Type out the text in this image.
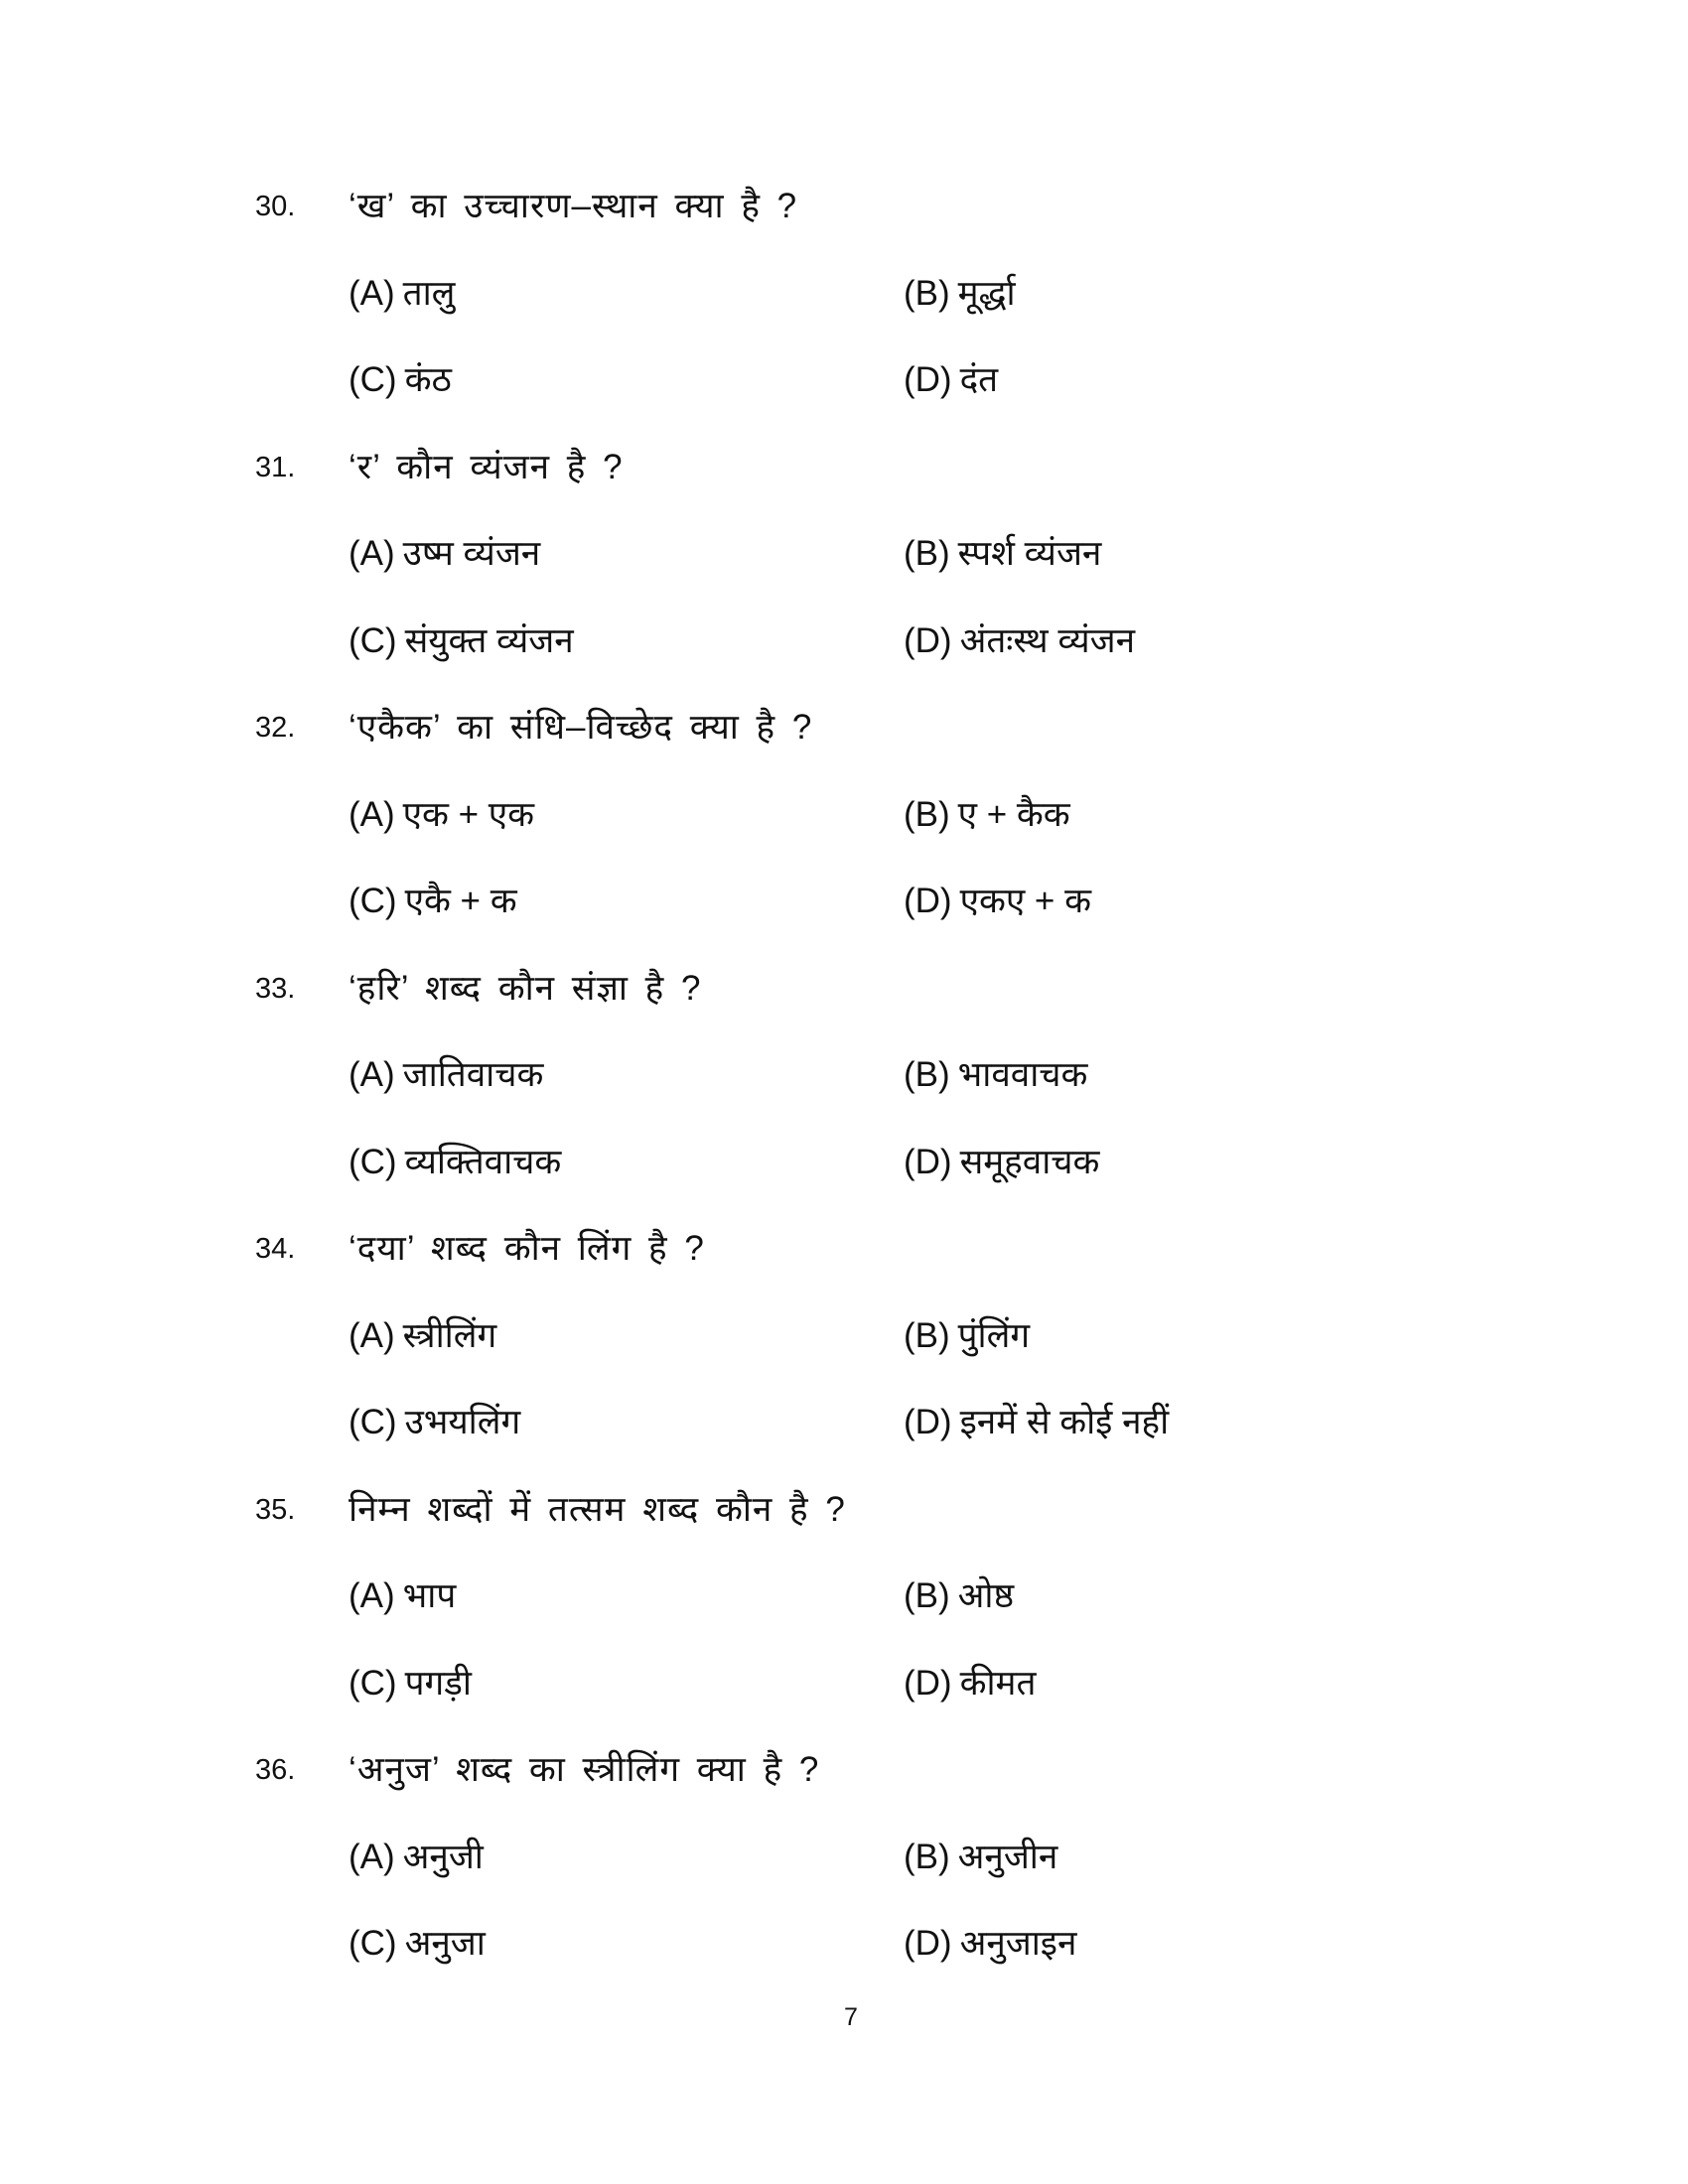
30. ‘ख’ का उच्चारण–स्थान क्या है ?
(A) तालु	(B) मूर्द्धा
(C) कंठ	(D) दंत
31. ‘र’ कौन व्यंजन है ?
(A) उष्म व्यंजन	(B) स्पर्श व्यंजन
(C) संयुक्त व्यंजन	(D) अंतःस्थ व्यंजन
32. ‘एकैक’ का संधि–विच्छेद क्या है ?
(A) एक + एक	(B) ए + कैक
(C) एकै + क	(D) एकए + क
33. ‘हरि’ शब्द कौन संज्ञा है ?
(A) जातिवाचक	(B) भाववाचक
(C) व्यक्तिवाचक	(D) समूहवाचक
34. ‘दया’ शब्द कौन लिंग है ?
(A) स्त्रीलिंग	(B) पुंलिंग
(C) उभयलिंग	(D) इनमें से कोई नहीं
35. निम्न शब्दों में तत्सम शब्द कौन है ?
(A) भाप	(B) ओष्ठ
(C) पगड़ी	(D) कीमत
36. ‘अनुज’ शब्द का स्त्रीलिंग क्या है ?
(A) अनुजी	(B) अनुजीन
(C) अनुजा	(D) अनुजाइन
7
